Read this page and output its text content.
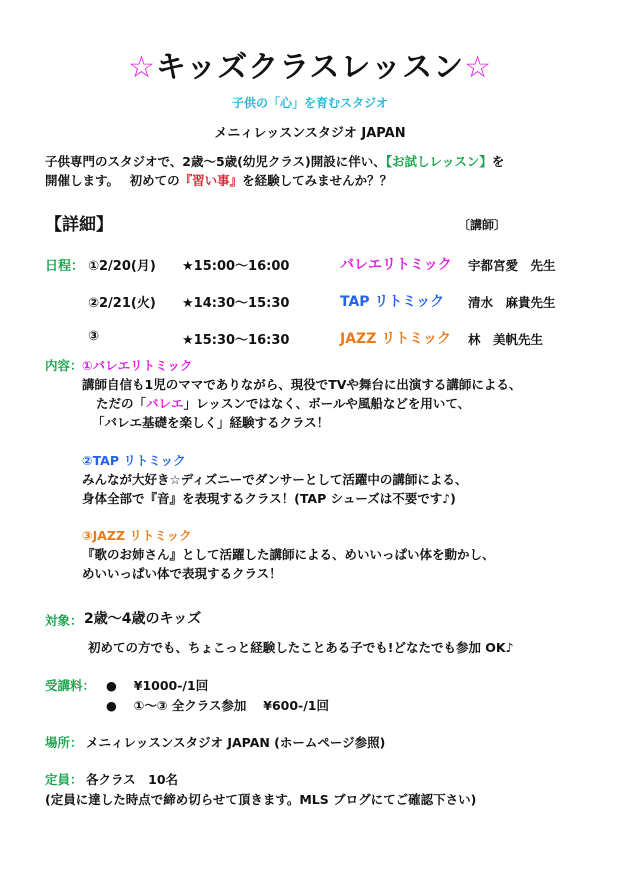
☆キッズクラスレッスン☆
子供の「心」を育むスタジオ
メニィレッスンスタジオ JAPAN
子供専門のスタジオで、2歳～5歳(幼児クラス)開設に伴い、【お試しレッスン】を
開催します。　 初めての『習い事』を経験してみませんか？？
【詳細】	〔講師〕
日程： ①2/20(月) ★15:00～16:00	バレエリトミック 宇都宮愛　先生
②2/21(火) ★14:30～15:30	TAP リトミック 清水　麻貴先生
③	★15:30～16:30	JAZZ リトミック 林　美帆先生
内容： ①バレエリトミック
講師自信も1児のママでありながら、現役でTVや舞台に出演する講師による、
ただの「バレエ」レッスンではなく、ボールや風船などを用いて、
「バレエ基礎を楽しく」経験するクラス！
②TAP リトミック
みんなが大好き☆ディズニーでダンサーとして活躍中の講師による、
身体全部で『音』を表現するクラス！(TAP シューズは不要です♪)
③JAZZ リトミック
『歌のお姉さん』として活躍した講師による、めいいっぱい体を動かし、
めいいっぱい体で表現するクラス！
対象： 2歳～4歳のキッズ
初めての方でも、ちょこっと経験したことある子でも!どなたでも参加 OK♪
受講料： ●　 ¥1000-/1回
●　 ①～③ 全クラス参加　 ¥600-/1回
場所： メニィレッスンスタジオ JAPAN (ホームページ参照)
定員： 各クラス　10名
(定員に達した時点で締め切らせて頂きます。MLS ブログにてご確認下さい)
